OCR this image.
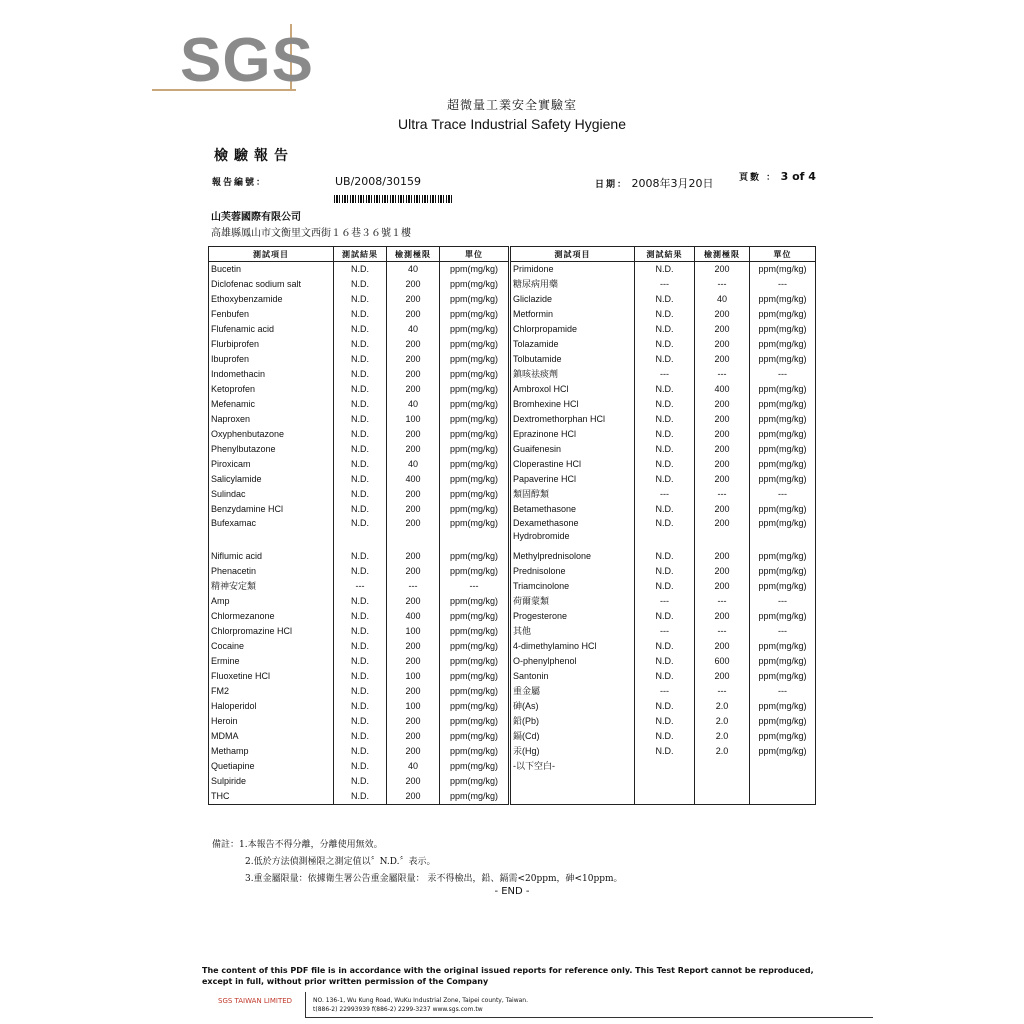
SGS
超微量工業安全實驗室
Ultra Trace Industrial Safety Hygiene
檢驗報告
報告編號：	UB/2008/30159	日期： 2008年3月20日	頁數 ： 3 of 4
山芙蓉國際有限公司
高雄縣鳳山市文衡里文西街１６巷３６號１樓
測試項目	測試結果	檢測極限	單位	測試項目	測試結果	檢測極限	單位
Bucetin	N.D.	40	ppm(mg/kg)	Primidone	N.D.	200	ppm(mg/kg)
Diclofenac sodium salt	N.D.	200	ppm(mg/kg)	糖尿病用藥	---	---	---
Ethoxybenzamide	N.D.	200	ppm(mg/kg)	Gliclazide	N.D.	40	ppm(mg/kg)
Fenbufen	N.D.	200	ppm(mg/kg)	Metformin	N.D.	200	ppm(mg/kg)
Flufenamic acid	N.D.	40	ppm(mg/kg)	Chlorpropamide	N.D.	200	ppm(mg/kg)
Flurbiprofen	N.D.	200	ppm(mg/kg)	Tolazamide	N.D.	200	ppm(mg/kg)
Ibuprofen	N.D.	200	ppm(mg/kg)	Tolbutamide	N.D.	200	ppm(mg/kg)
Indomethacin	N.D.	200	ppm(mg/kg)	鎮咳祛痰劑	---	---	---
Ketoprofen	N.D.	200	ppm(mg/kg)	Ambroxol HCl	N.D.	400	ppm(mg/kg)
Mefenamic	N.D.	40	ppm(mg/kg)	Bromhexine HCl	N.D.	200	ppm(mg/kg)
Naproxen	N.D.	100	ppm(mg/kg)	Dextromethorphan HCl	N.D.	200	ppm(mg/kg)
Oxyphenbutazone	N.D.	200	ppm(mg/kg)	Eprazinone HCl	N.D.	200	ppm(mg/kg)
Phenylbutazone	N.D.	200	ppm(mg/kg)	Guaifenesin	N.D.	200	ppm(mg/kg)
Piroxicam	N.D.	40	ppm(mg/kg)	Cloperastine HCl	N.D.	200	ppm(mg/kg)
Salicylamide	N.D.	400	ppm(mg/kg)	Papaverine HCl	N.D.	200	ppm(mg/kg)
Sulindac	N.D.	200	ppm(mg/kg)	類固醇類	---	---	---
Benzydamine HCl	N.D.	200	ppm(mg/kg)	Betamethasone	N.D.	200	ppm(mg/kg)
Bufexamac	N.D.	200	ppm(mg/kg)	Dexamethasone Hydrobromide	N.D.	200	ppm(mg/kg)
Niflumic acid	N.D.	200	ppm(mg/kg)	Methylprednisolone	N.D.	200	ppm(mg/kg)
Phenacetin	N.D.	200	ppm(mg/kg)	Prednisolone	N.D.	200	ppm(mg/kg)
精神安定類	---	---	---	Triamcinolone	N.D.	200	ppm(mg/kg)
Amp	N.D.	200	ppm(mg/kg)	荷爾蒙類	---	---	---
Chlormezanone	N.D.	400	ppm(mg/kg)	Progesterone	N.D.	200	ppm(mg/kg)
Chlorpromazine HCl	N.D.	100	ppm(mg/kg)	其他	---	---	---
Cocaine	N.D.	200	ppm(mg/kg)	4-dimethylamino HCl	N.D.	200	ppm(mg/kg)
Ermine	N.D.	200	ppm(mg/kg)	O-phenylphenol	N.D.	600	ppm(mg/kg)
Fluoxetine HCl	N.D.	100	ppm(mg/kg)	Santonin	N.D.	200	ppm(mg/kg)
FM2	N.D.	200	ppm(mg/kg)	重金屬	---	---	---
Haloperidol	N.D.	100	ppm(mg/kg)	砷(As)	N.D.	2.0	ppm(mg/kg)
Heroin	N.D.	200	ppm(mg/kg)	鉛(Pb)	N.D.	2.0	ppm(mg/kg)
MDMA	N.D.	200	ppm(mg/kg)	鎘(Cd)	N.D.	2.0	ppm(mg/kg)
Methamp	N.D.	200	ppm(mg/kg)	汞(Hg)	N.D.	2.0	ppm(mg/kg)
Quetiapine	N.D.	40	ppm(mg/kg)	-以下空白-			
Sulpiride	N.D.	200	ppm(mg/kg)				
THC	N.D.	200	ppm(mg/kg)				
備註：1.本報告不得分離，分離使用無效。
2.低於方法偵測極限之測定值以〞N.D.〞表示。
3.重金屬限量：依據衛生署公告重金屬限量： 汞不得檢出，鉛、鎘需<20ppm，砷<10ppm。
- END -
The content of this PDF file is in accordance with the original issued reports for reference only. This Test Report cannot be reproduced, except in full, without prior written permission of the Company
SGS TAIWAN LIMITED	NO. 136-1, Wu Kung Road, WuKu Industrial Zone, Taipei county, Taiwan.
t(886-2) 22993939 f(886-2) 2299-3237 www.sgs.com.tw
